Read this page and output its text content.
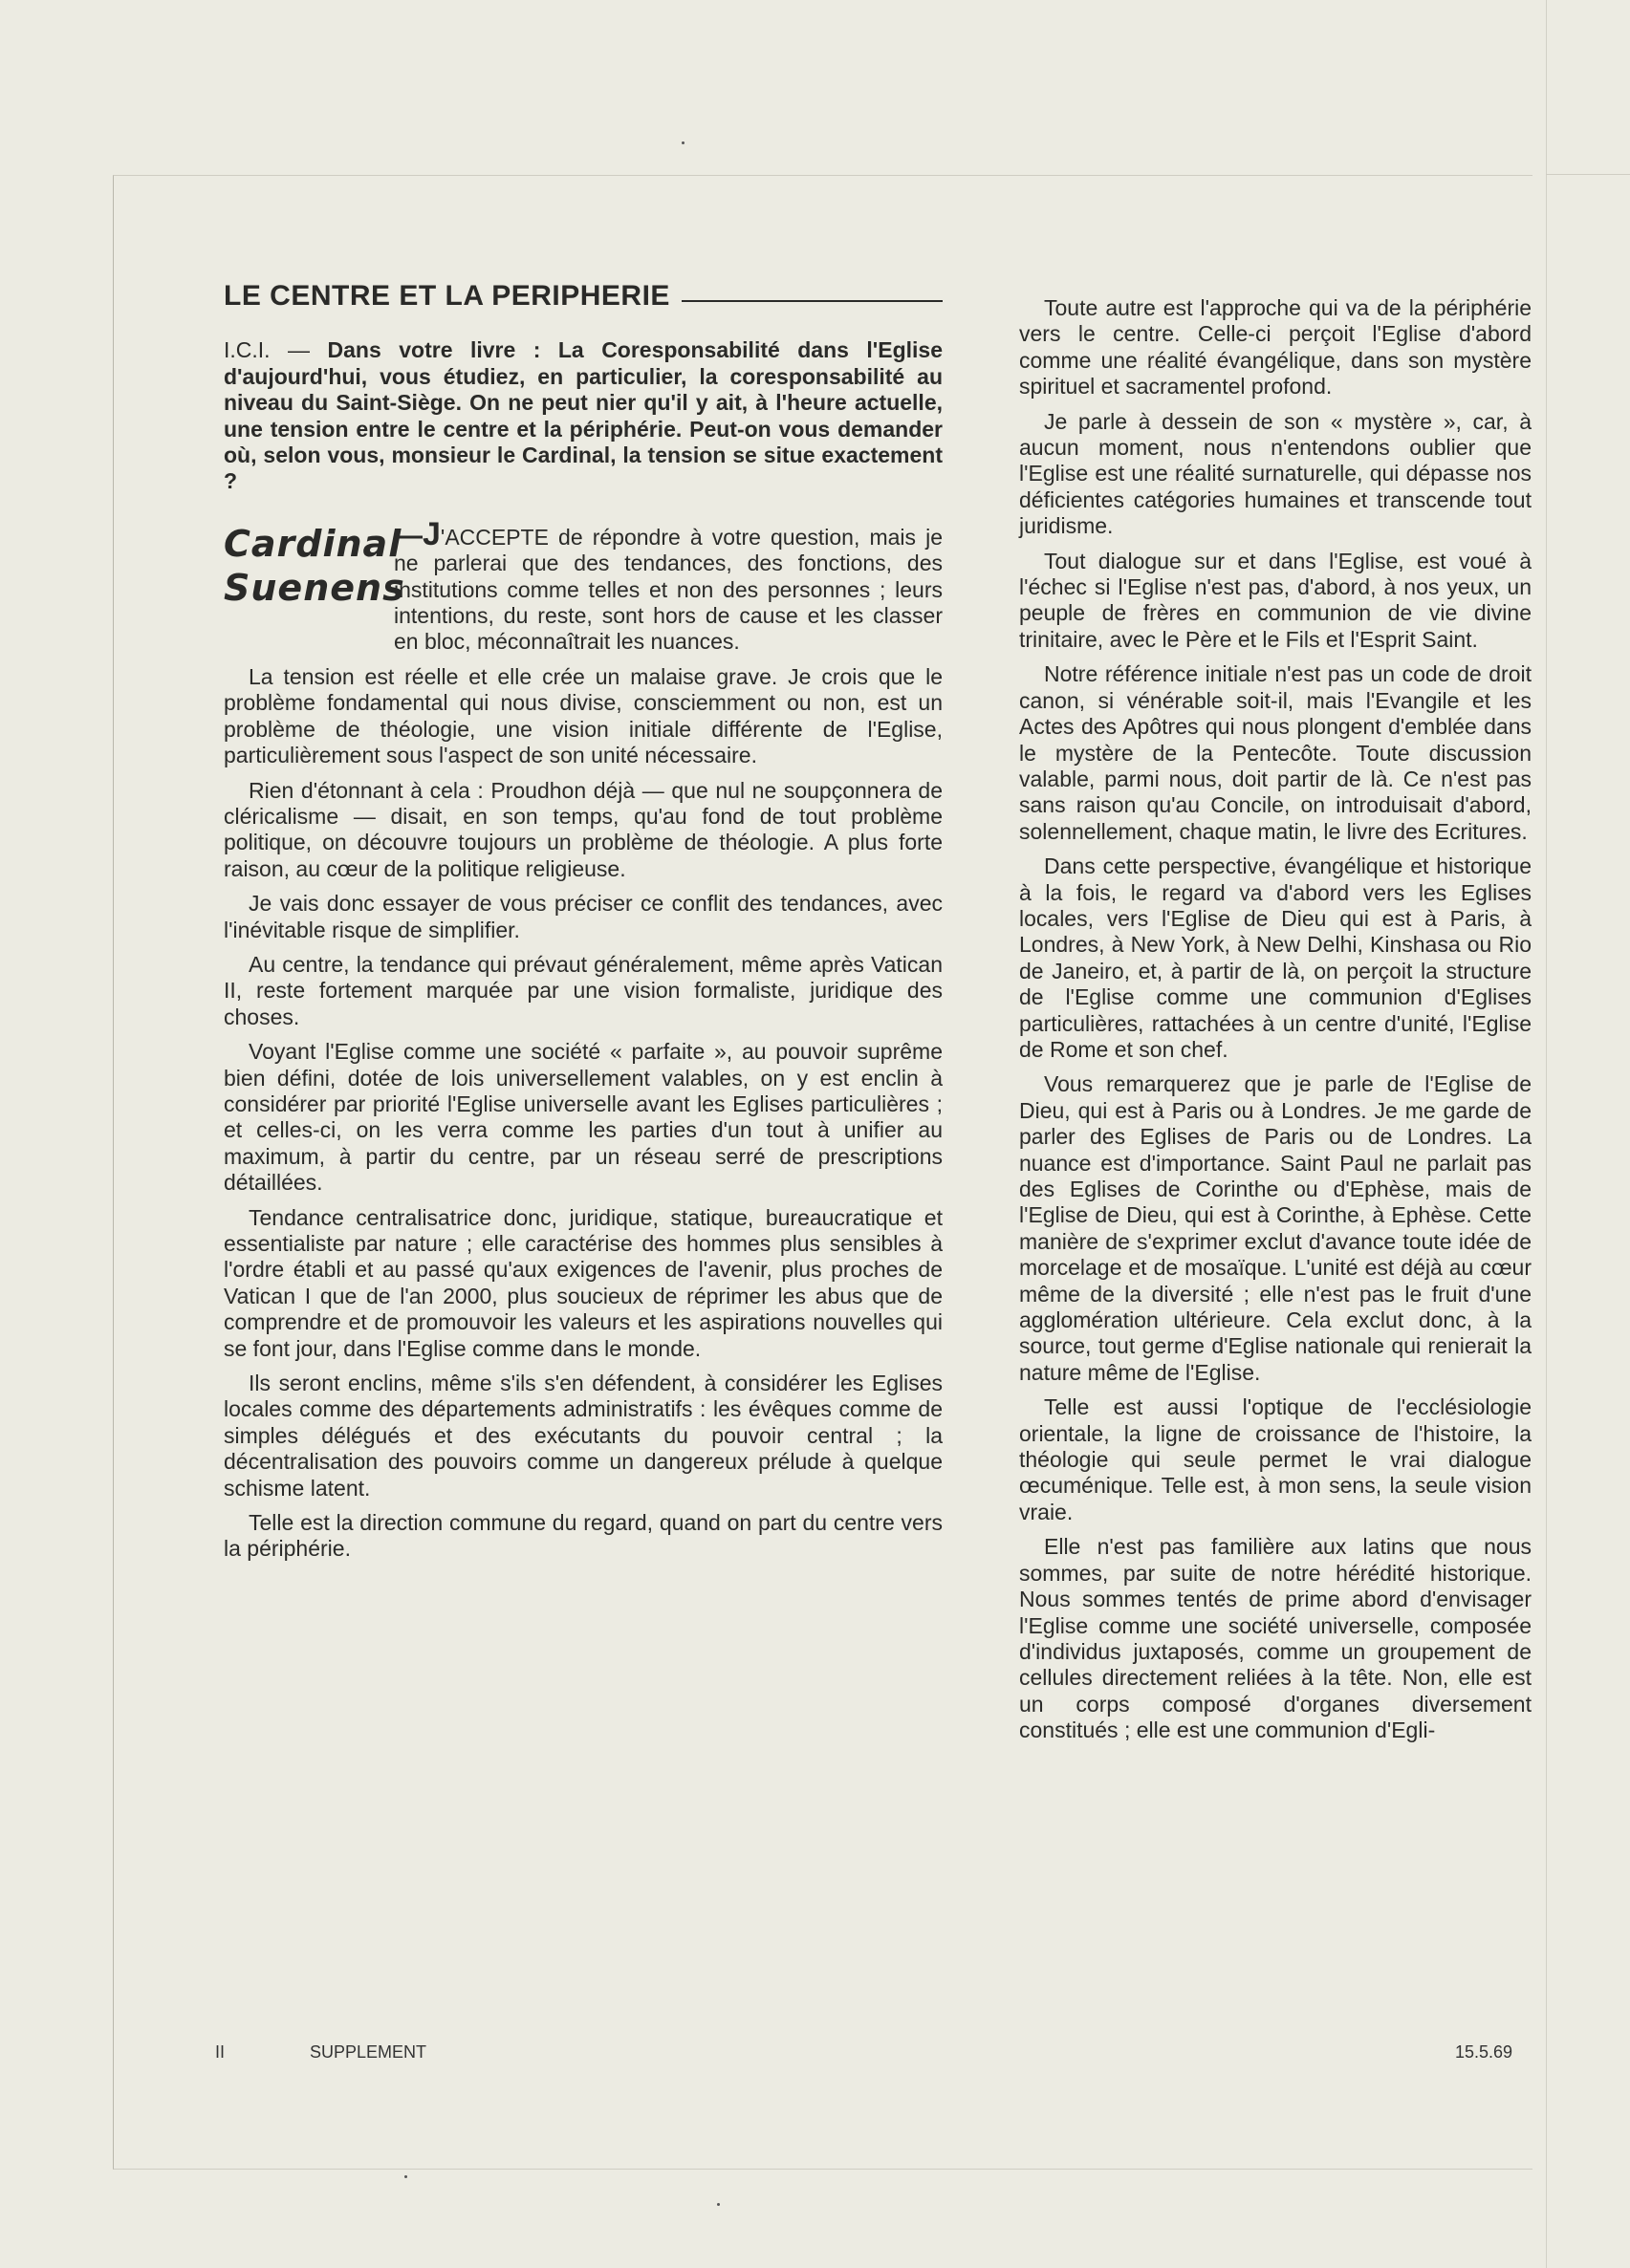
LE CENTRE ET LA PERIPHERIE

I.C.I. — Dans votre livre : La Coresponsabilité dans l'Eglise d'aujourd'hui, vous étudiez, en particulier, la coresponsabilité au niveau du Saint-Siège. On ne peut nier qu'il y ait, à l'heure actuelle, une tension entre le centre et la périphérie. Peut-on vous demander où, selon vous, monsieur le Cardinal, la tension se situe exactement ?

Cardinal
Suenens
—J'ACCEPTE de répondre à votre question, mais je ne parlerai que des tendances, des fonctions, des institutions comme telles et non des personnes ; leurs intentions, du reste, sont hors de cause et les classer en bloc, méconnaîtrait les nuances.

La tension est réelle et elle crée un malaise grave. Je crois que le problème fondamental qui nous divise, consciemment ou non, est un problème de théologie, une vision initiale différente de l'Eglise, particulièrement sous l'aspect de son unité nécessaire.

Rien d'étonnant à cela : Proudhon déjà — que nul ne soupçonnera de cléricalisme — disait, en son temps, qu'au fond de tout problème politique, on découvre toujours un problème de théologie. A plus forte raison, au cœur de la politique religieuse.

Je vais donc essayer de vous préciser ce conflit des tendances, avec l'inévitable risque de simplifier.

Au centre, la tendance qui prévaut généralement, même après Vatican II, reste fortement marquée par une vision formaliste, juridique des choses.

Voyant l'Eglise comme une société « parfaite », au pouvoir suprême bien défini, dotée de lois universellement valables, on y est enclin à considérer par priorité l'Eglise universelle avant les Eglises particulières ; et celles-ci, on les verra comme les parties d'un tout à unifier au maximum, à partir du centre, par un réseau serré de prescriptions détaillées.

Tendance centralisatrice donc, juridique, statique, bureaucratique et essentialiste par nature ; elle caractérise des hommes plus sensibles à l'ordre établi et au passé qu'aux exigences de l'avenir, plus proches de Vatican I que de l'an 2000, plus soucieux de réprimer les abus que de comprendre et de promouvoir les valeurs et les aspirations nouvelles qui se font jour, dans l'Eglise comme dans le monde.

Ils seront enclins, même s'ils s'en défendent, à considérer les Eglises locales comme des départements administratifs : les évêques comme de simples délégués et des exécutants du pouvoir central ; la décentralisation des pouvoirs comme un dangereux prélude à quelque schisme latent.

Telle est la direction commune du regard, quand on part du centre vers la périphérie.

Toute autre est l'approche qui va de la périphérie vers le centre. Celle-ci perçoit l'Eglise d'abord comme une réalité évangélique, dans son mystère spirituel et sacramentel profond.

Je parle à dessein de son « mystère », car, à aucun moment, nous n'entendons oublier que l'Eglise est une réalité surnaturelle, qui dépasse nos déficientes catégories humaines et transcende tout juridisme.

Tout dialogue sur et dans l'Eglise, est voué à l'échec si l'Eglise n'est pas, d'abord, à nos yeux, un peuple de frères en communion de vie divine trinitaire, avec le Père et le Fils et l'Esprit Saint.

Notre référence initiale n'est pas un code de droit canon, si vénérable soit-il, mais l'Evangile et les Actes des Apôtres qui nous plongent d'emblée dans le mystère de la Pentecôte. Toute discussion valable, parmi nous, doit partir de là. Ce n'est pas sans raison qu'au Concile, on introduisait d'abord, solennellement, chaque matin, le livre des Ecritures.

Dans cette perspective, évangélique et historique à la fois, le regard va d'abord vers les Eglises locales, vers l'Eglise de Dieu qui est à Paris, à Londres, à New York, à New Delhi, Kinshasa ou Rio de Janeiro, et, à partir de là, on perçoit la structure de l'Eglise comme une communion d'Eglises particulières, rattachées à un centre d'unité, l'Eglise de Rome et son chef.

Vous remarquerez que je parle de l'Eglise de Dieu, qui est à Paris ou à Londres. Je me garde de parler des Eglises de Paris ou de Londres. La nuance est d'importance. Saint Paul ne parlait pas des Eglises de Corinthe ou d'Ephèse, mais de l'Eglise de Dieu, qui est à Corinthe, à Ephèse. Cette manière de s'exprimer exclut d'avance toute idée de morcelage et de mosaïque. L'unité est déjà au cœur même de la diversité ; elle n'est pas le fruit d'une agglomération ultérieure. Cela exclut donc, à la source, tout germe d'Eglise nationale qui renierait la nature même de l'Eglise.

Telle est aussi l'optique de l'ecclésiologie orientale, la ligne de croissance de l'histoire, la théologie qui seule permet le vrai dialogue œcuménique. Telle est, à mon sens, la seule vision vraie.

Elle n'est pas familière aux latins que nous sommes, par suite de notre hérédité historique. Nous sommes tentés de prime abord d'envisager l'Eglise comme une société universelle, composée d'individus juxtaposés, comme un groupement de cellules directement reliées à la tête. Non, elle est un corps composé d'organes diversement constitués ; elle est une communion d'Egli-

II	SUPPLEMENT	15.5.69
